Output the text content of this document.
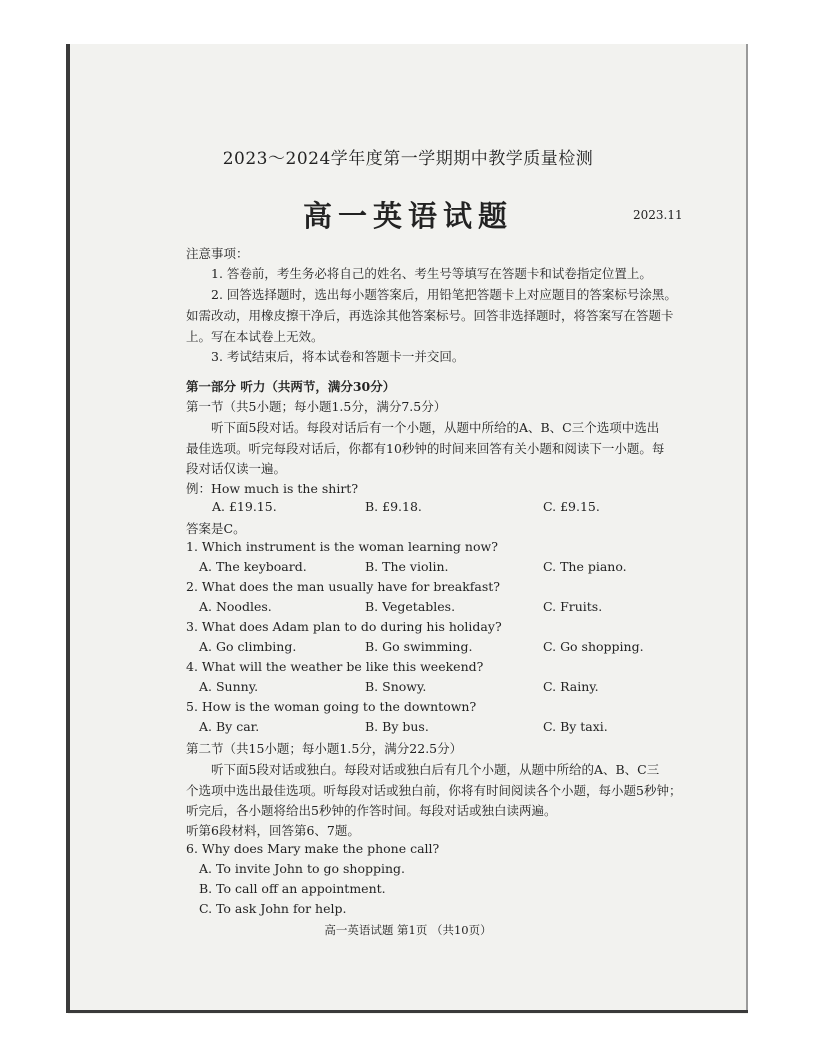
2023～2024学年度第一学期期中教学质量检测
高一英语试题	2023.11
注意事项：
1. 答卷前，考生务必将自己的姓名、考生号等填写在答题卡和试卷指定位置上。
2. 回答选择题时，选出每小题答案后，用铅笔把答题卡上对应题目的答案标号涂黑。
如需改动，用橡皮擦干净后，再选涂其他答案标号。回答非选择题时，将答案写在答题卡
上。写在本试卷上无效。
3. 考试结束后，将本试卷和答题卡一并交回。
第一部分 听力（共两节，满分30分）
第一节（共5小题；每小题1.5分，满分7.5分）
听下面5段对话。每段对话后有一个小题，从题中所给的A、B、C三个选项中选出
最佳选项。听完每段对话后，你都有10秒钟的时间来回答有关小题和阅读下一小题。每
段对话仅读一遍。
例：How much is the shirt?
A. £19.15.	B. £9.18.	C. £9.15.
答案是C。
1. Which instrument is the woman learning now?
A. The keyboard.	B. The violin.	C. The piano.
2. What does the man usually have for breakfast?
A. Noodles.	B. Vegetables.	C. Fruits.
3. What does Adam plan to do during his holiday?
A. Go climbing.	B. Go swimming.	C. Go shopping.
4. What will the weather be like this weekend?
A. Sunny.	B. Snowy.	C. Rainy.
5. How is the woman going to the downtown?
A. By car.	B. By bus.	C. By taxi.
第二节（共15小题；每小题1.5分，满分22.5分）
听下面5段对话或独白。每段对话或独白后有几个小题，从题中所给的A、B、C三
个选项中选出最佳选项。听每段对话或独白前，你将有时间阅读各个小题，每小题5秒钟；
听完后，各小题将给出5秒钟的作答时间。每段对话或独白读两遍。
听第6段材料，回答第6、7题。
6. Why does Mary make the phone call?
A. To invite John to go shopping.
B. To call off an appointment.
C. To ask John for help.
高一英语试题 第1页 （共10页）
